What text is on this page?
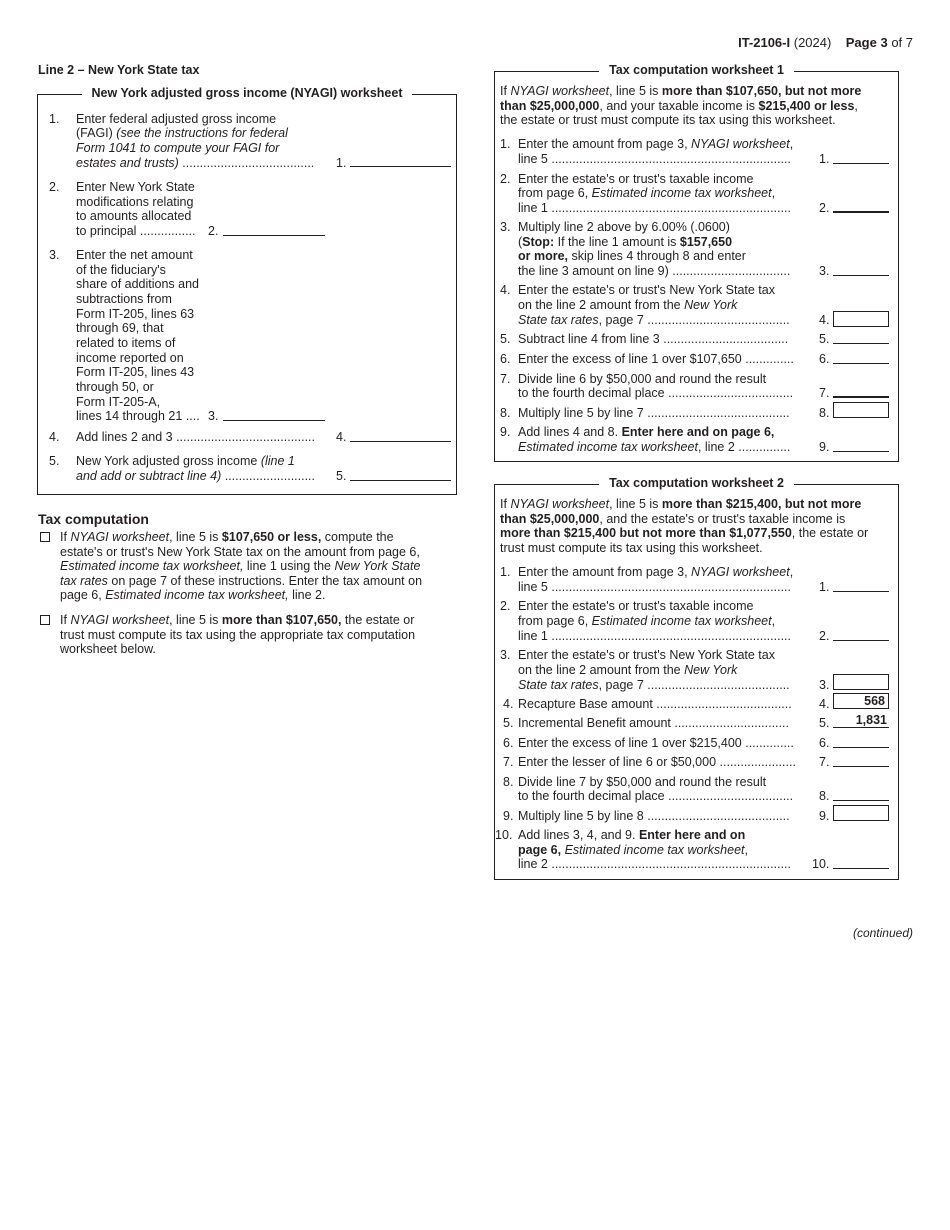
IT-2106-I (2024) Page 3 of 7
Line 2 – New York State tax
New York adjusted gross income (NYAGI) worksheet
1. Enter federal adjusted gross income
(FAGI) (see the instructions for federal
Form 1041 to compute your FAGI for
estates and trusts) ...................................... 1.
2. Enter New York State
modifications relating
to amounts allocated
to principal ................ 2.
3. Enter the net amount
of the fiduciary's
share of additions and
subtractions from
Form IT-205, lines 63
through 69, that
related to items of
income reported on
Form IT-205, lines 43
through 50, or
Form IT-205-A,
lines 14 through 21 .... 3.
4. Add lines 2 and 3 ........................................ 4.
5. New York adjusted gross income (line 1
and add or subtract line 4) .......................... 5.
Tax computation
If NYAGI worksheet, line 5 is $107,650 or less, compute the
estate's or trust's New York State tax on the amount from page 6,
Estimated income tax worksheet, line 1 using the New York State
tax rates on page 7 of these instructions. Enter the tax amount on
page 6, Estimated income tax worksheet, line 2.
If NYAGI worksheet, line 5 is more than $107,650, the estate or
trust must compute its tax using the appropriate tax computation
worksheet below.
Tax computation worksheet 1
If NYAGI worksheet, line 5 is more than $107,650, but not more
than $25,000,000, and your taxable income is $215,400 or less,
the estate or trust must compute its tax using this worksheet.
1. Enter the amount from page 3, NYAGI worksheet,
line 5 ..................................................................... 1.
2. Enter the estate's or trust's taxable income
from page 6, Estimated income tax worksheet,
line 1 ..................................................................... 2.
3. Multiply line 2 above by 6.00% (.0600)
(Stop: If the line 1 amount is $157,650
or more, skip lines 4 through 8 and enter
the line 3 amount on line 9) .................................. 3.
4. Enter the estate's or trust's New York State tax
on the line 2 amount from the New York
State tax rates, page 7 ......................................... 4.
5. Subtract line 4 from line 3 .................................... 5.
6. Enter the excess of line 1 over $107,650 .............. 6.
7. Divide line 6 by $50,000 and round the result
to the fourth decimal place .................................... 7.
8. Multiply line 5 by line 7 ......................................... 8.
9. Add lines 4 and 8. Enter here and on page 6,
Estimated income tax worksheet, line 2 ............... 9.
Tax computation worksheet 2
If NYAGI worksheet, line 5 is more than $215,400, but not more
than $25,000,000, and the estate's or trust's taxable income is
more than $215,400 but not more than $1,077,550, the estate or
trust must compute its tax using this worksheet.
1. Enter the amount from page 3, NYAGI worksheet,
line 5 ..................................................................... 1.
2. Enter the estate's or trust's taxable income
from page 6, Estimated income tax worksheet,
line 1 ..................................................................... 2.
3. Enter the estate's or trust's New York State tax
on the line 2 amount from the New York
State tax rates, page 7 ......................................... 3.
4. Recapture Base amount ....................................... 4.	568
5. Incremental Benefit amount ................................. 5.	1,831
6. Enter the excess of line 1 over $215,400 .............. 6.
7. Enter the lesser of line 6 or $50,000 ...................... 7.
8. Divide line 7 by $50,000 and round the result
to the fourth decimal place .................................... 8.
9. Multiply line 5 by line 8 ......................................... 9.
10. Add lines 3, 4, and 9. Enter here and on
page 6, Estimated income tax worksheet,
line 2 ..................................................................... 10.
(continued)
